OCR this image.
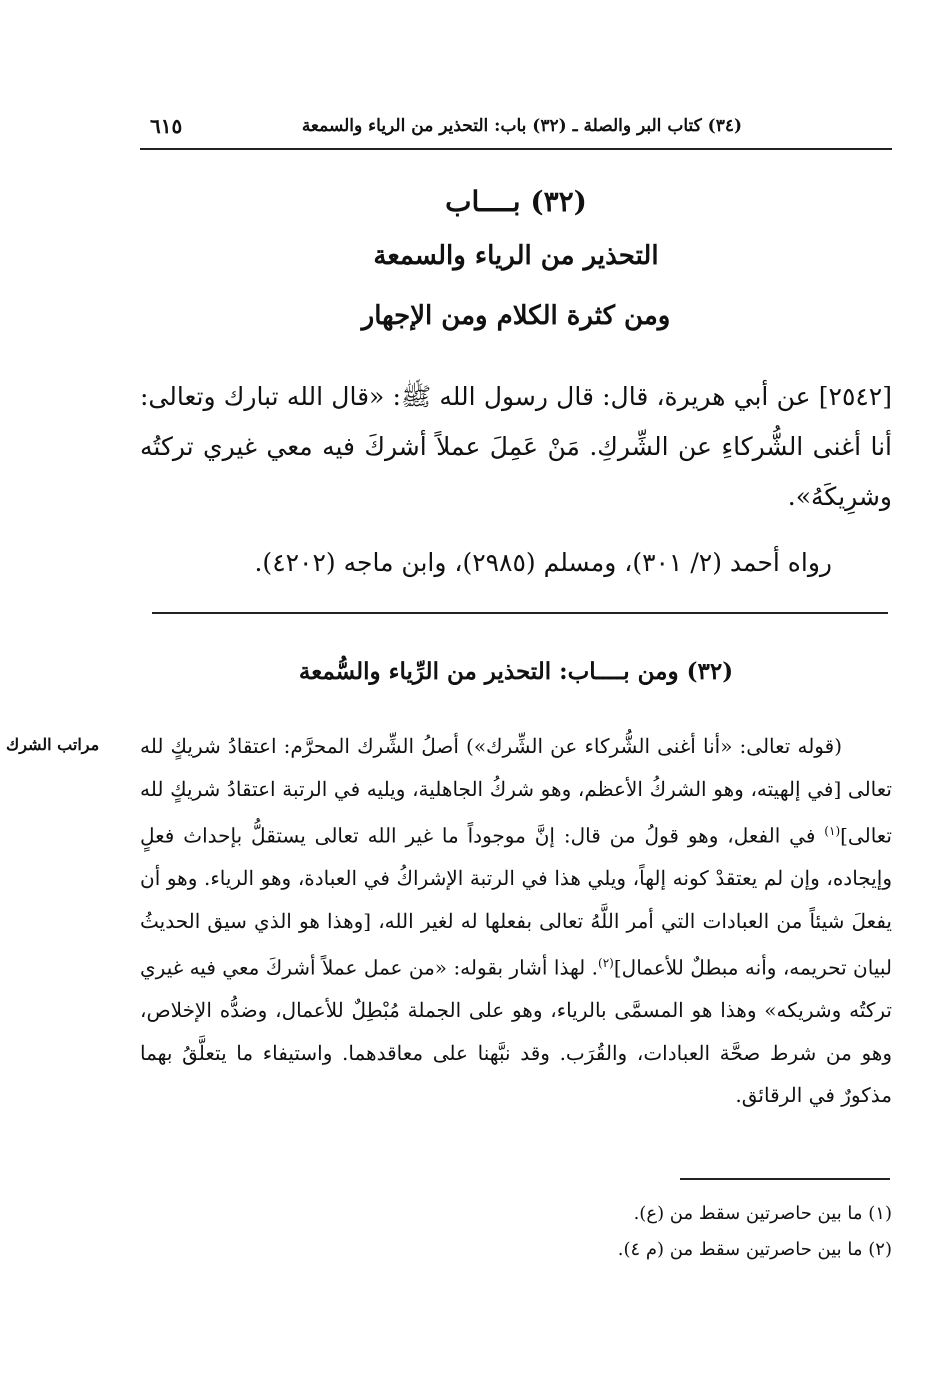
(٣٤) كتاب البر والصلة ـ (٣٢) باب: التحذير من الرياء والسمعة
٦١٥
(٣٢) بــــاب
التحذير من الرياء والسمعة
ومن كثرة الكلام ومن الإجهار

[٢٥٤٢] عن أبي هريرة، قال: قال رسول الله ﷺ: «قال الله تبارك وتعالى: أنا أغنى الشُّركاءِ عن الشِّركِ. مَنْ عَمِلَ عملاً أشركَ فيه معي غيري تركتُه وشرِيكَهُ».

رواه أحمد (٢/ ٣٠١)، ومسلم (٢٩٨٥)، وابن ماجه (٤٢٠٢).

(٣٢) ومن بــــاب: التحذير من الرِّياء والسُّمعة
مراتب الشرك	(قوله تعالى: «أنا أغنى الشُّركاء عن الشِّرك») أصلُ الشِّرك المحرَّم: اعتقادُ شريكٍ لله تعالى [في إلهيته، وهو الشركُ الأعظم، وهو شركُ الجاهلية، ويليه في الرتبة اعتقادُ شريكٍ لله تعالى]$^{(١)}$ في الفعل، وهو قولُ من قال: إنَّ موجوداً ما غير الله تعالى يستقلُّ بإحداث فعلٍ وإيجاده، وإن لم يعتقدْ كونه إلهاً، ويلي هذا في الرتبة الإشراكُ في العبادة، وهو الرياء. وهو أن يفعلَ شيئاً من العبادات التي أمر اللَّهُ تعالى بفعلها له لغير الله، [وهذا هو الذي سيق الحديثُ لبيان تحريمه، وأنه مبطلٌ للأعمال]$^{(٢)}$. لهذا أشار بقوله: «من عمل عملاً أشركَ معي فيه غيري تركتُه وشريكه» وهذا هو المسمَّى بالرياء، وهو على الجملة مُبْطِلٌ للأعمال، وضدُّه الإخلاص، وهو من شرط صحَّة العبادات، والقُرَب. وقد نبَّهنا على معاقدهما. واستيفاء ما يتعلَّقُ بهما مذكورٌ في الرقائق.

(١) ما بين حاصرتين سقط من (ع).

(٢) ما بين حاصرتين سقط من (م ٤).
